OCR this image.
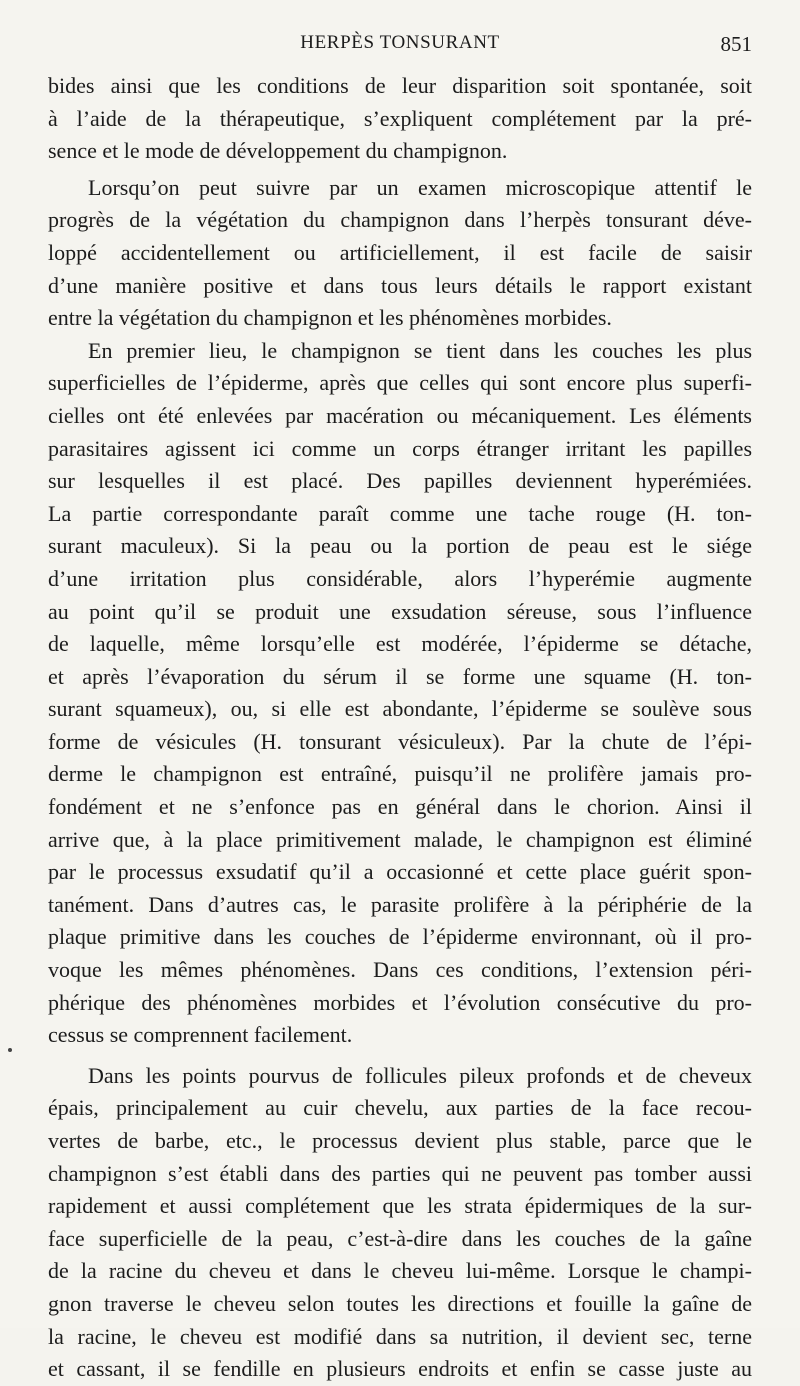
HERPÈS TONSURANT	851
bides ainsi que les conditions de leur disparition soit spontanée, soit
à l’aide de la thérapeutique, s’expliquent complétement par la pré-
sence et le mode de développement du champignon.
Lorsqu’on peut suivre par un examen microscopique attentif le
progrès de la végétation du champignon dans l’herpès tonsurant déve-
loppé accidentellement ou artificiellement, il est facile de saisir
d’une manière positive et dans tous leurs détails le rapport existant
entre la végétation du champignon et les phénomènes morbides.
En premier lieu, le champignon se tient dans les couches les plus
superficielles de l’épiderme, après que celles qui sont encore plus superfi-
cielles ont été enlevées par macération ou mécaniquement. Les éléments
parasitaires agissent ici comme un corps étranger irritant les papilles
sur lesquelles il est placé. Des papilles deviennent hyperémiées.
La partie correspondante paraît comme une tache rouge (H. ton-
surant maculeux). Si la peau ou la portion de peau est le siége
d’une irritation plus considérable, alors l’hyperémie augmente
au point qu’il se produit une exsudation séreuse, sous l’influence
de laquelle, même lorsqu’elle est modérée, l’épiderme se détache,
et après l’évaporation du sérum il se forme une squame (H. ton-
surant squameux), ou, si elle est abondante, l’épiderme se soulève sous
forme de vésicules (H. tonsurant vésiculeux). Par la chute de l’épi-
derme le champignon est entraîné, puisqu’il ne prolifère jamais pro-
fondément et ne s’enfonce pas en général dans le chorion. Ainsi il
arrive que, à la place primitivement malade, le champignon est éliminé
par le processus exsudatif qu’il a occasionné et cette place guérit spon-
tanément. Dans d’autres cas, le parasite prolifère à la périphérie de la
plaque primitive dans les couches de l’épiderme environnant, où il pro-
voque les mêmes phénomènes. Dans ces conditions, l’extension péri-
phérique des phénomènes morbides et l’évolution consécutive du pro-
cessus se comprennent facilement.
Dans les points pourvus de follicules pileux profonds et de cheveux
épais, principalement au cuir chevelu, aux parties de la face recou-
vertes de barbe, etc., le processus devient plus stable, parce que le
champignon s’est établi dans des parties qui ne peuvent pas tomber aussi
rapidement et aussi complétement que les strata épidermiques de la sur-
face superficielle de la peau, c’est-à-dire dans les couches de la gaîne
de la racine du cheveu et dans le cheveu lui-même. Lorsque le champi-
gnon traverse le cheveu selon toutes les directions et fouille la gaîne de
la racine, le cheveu est modifié dans sa nutrition, il devient sec, terne
et cassant, il se fendille en plusieurs endroits et enfin se casse juste au
